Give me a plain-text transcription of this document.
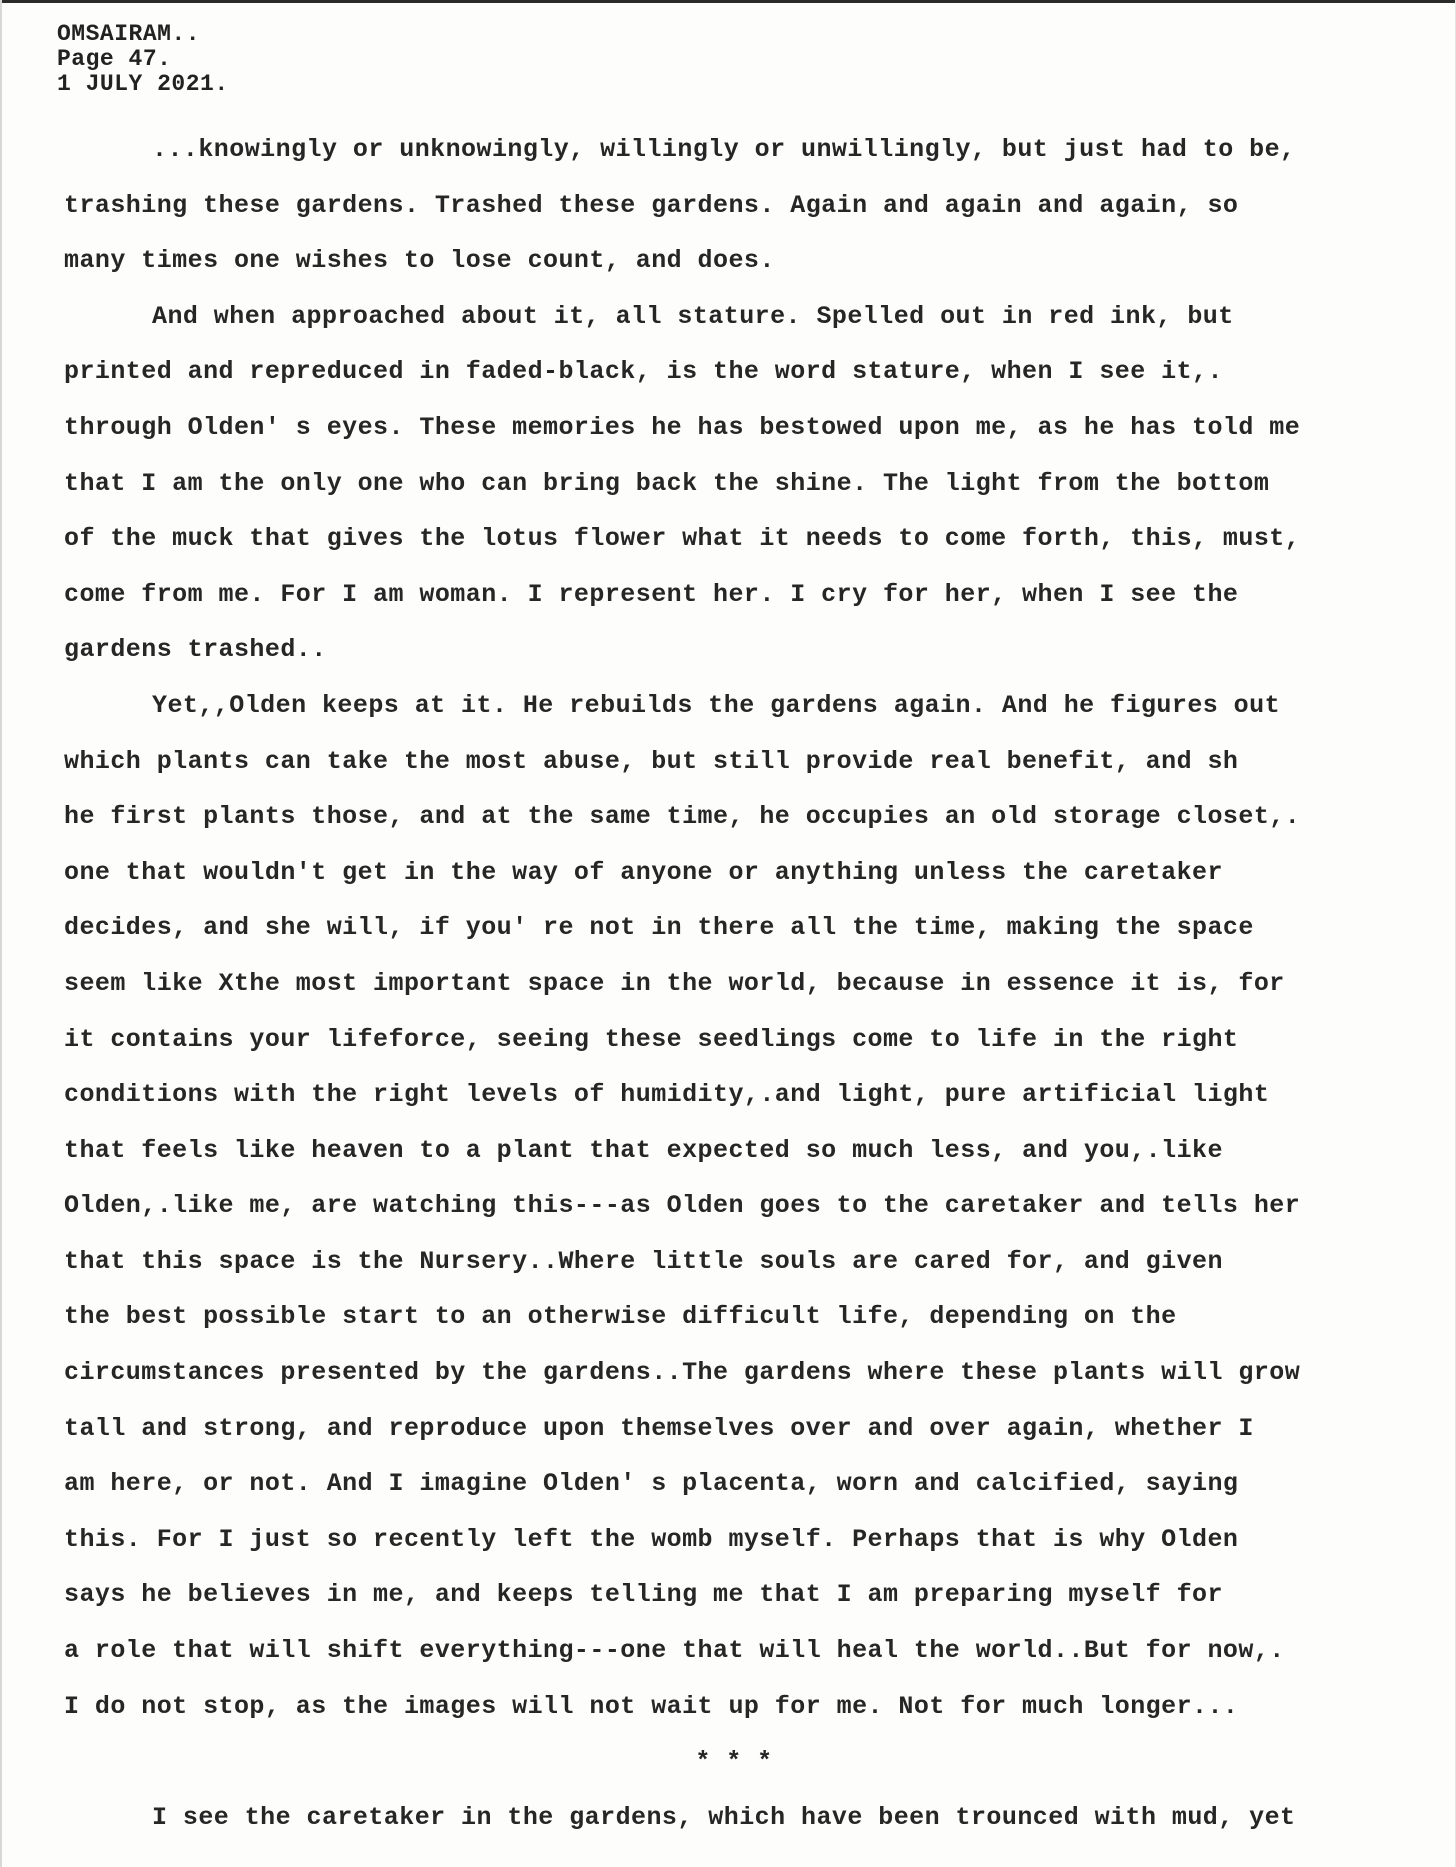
OMSAIRAM..
Page 47.
1 JULY 2021.
...knowingly or unknowingly, willingly or unwillingly, but just had to be,
trashing these gardens. Trashed these gardens. Again and again and again, so
many times one wishes to lose count, and does.
And when approached about it, all stature. Spelled out in red ink, but
printed and repreduced in faded-black, is the word stature, when I see it,.
through Olden' s eyes. These memories he has bestowed upon me, as he has told me
that I am the only one who can bring back the shine. The light from the bottom
of the muck that gives the lotus flower what it needs to come forth, this, must,
come from me. For I am woman. I represent her. I cry for her, when I see the
gardens trashed..
Yet,,Olden keeps at it. He rebuilds the gardens again. And he figures out
which plants can take the most abuse, but still provide real benefit, and sh
he first plants those, and at the same time, he occupies an old storage closet,.
one that wouldn't get in the way of anyone or anything unless the caretaker
decides, and she will, if you' re not in there all the time, making the space
seem like Xthe most important space in the world, because in essence it is, for
it contains your lifeforce, seeing these seedlings come to life in the right
conditions with the right levels of humidity,.and light, pure artificial light
that feels like heaven to a plant that expected so much less, and you,.like
Olden,.like me, are watching this---as Olden goes to the caretaker and tells her
that this space is the Nursery..Where little souls are cared for, and given
the best possible start to an otherwise difficult life, depending on the
circumstances presented by the gardens..The gardens where these plants will grow
tall and strong, and reproduce upon themselves over and over again, whether I
am here, or not. And I imagine Olden' s placenta, worn and calcified, saying
this. For I just so recently left the womb myself. Perhaps that is why Olden
says he believes in me, and keeps telling me that I am preparing myself for
a role that will shift everything---one that will heal the world..But for now,.
I do not stop, as the images will not wait up for me. Not for much longer...
* * *
I see the caretaker in the gardens, which have been trounced with mud, yet
